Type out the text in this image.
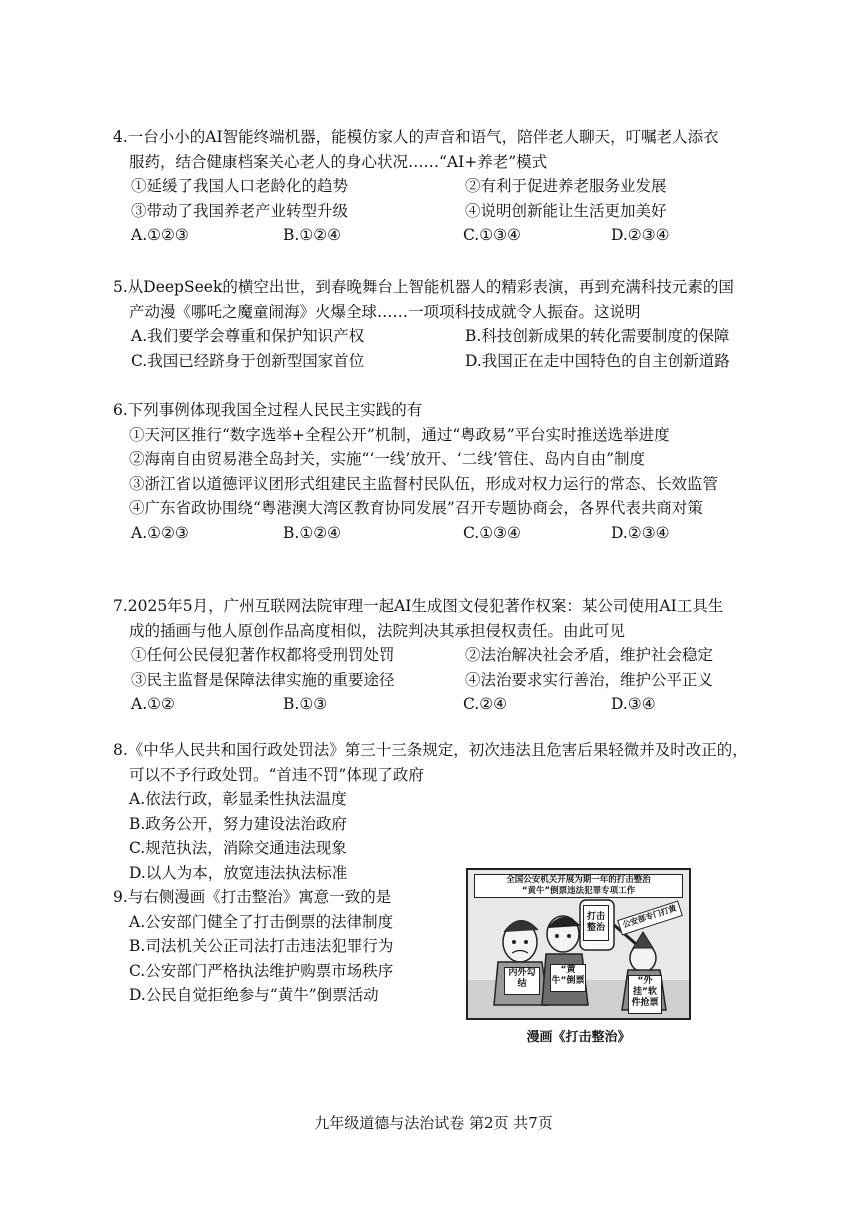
4.一台小小的AI智能终端机器，能模仿家人的声音和语气，陪伴老人聊天，叮嘱老人添衣
服药，结合健康档案关心老人的身心状况……“AI+养老”模式
①延缓了我国人口老龄化的趋势	②有利于促进养老服务业发展
③带动了我国养老产业转型升级	④说明创新能让生活更加美好
A.①②③	B.①②④	C.①③④	D.②③④
5.从DeepSeek的横空出世，到春晚舞台上智能机器人的精彩表演，再到充满科技元素的国
产动漫《哪吒之魔童闹海》火爆全球……一项项科技成就令人振奋。这说明
A.我们要学会尊重和保护知识产权	B.科技创新成果的转化需要制度的保障
C.我国已经跻身于创新型国家首位	D.我国正在走中国特色的自主创新道路
6.下列事例体现我国全过程人民民主实践的有
①天河区推行“数字选举+全程公开”机制，通过“粤政易”平台实时推送选举进度
②海南自由贸易港全岛封关，实施“‘一线’放开、‘二线’管住、岛内自由”制度
③浙江省以道德评议团形式组建民主监督村民队伍，形成对权力运行的常态、长效监管
④广东省政协围绕“粤港澳大湾区教育协同发展”召开专题协商会，各界代表共商对策
A.①②③	B.①②④	C.①③④	D.②③④
7.2025年5月，广州互联网法院审理一起AI生成图文侵犯著作权案：某公司使用AI工具生
成的插画与他人原创作品高度相似，法院判决其承担侵权责任。由此可见
①任何公民侵犯著作权都将受刑罚处罚	②法治解决社会矛盾，维护社会稳定
③民主监督是保障法律实施的重要途径	④法治要求实行善治，维护公平正义
A.①②	B.①③	C.②④	D.③④
8.《中华人民共和国行政处罚法》第三十三条规定，初次违法且危害后果轻微并及时改正的，
可以不予行政处罚。“首违不罚”体现了政府
A.依法行政，彰显柔性执法温度
B.政务公开，努力建设法治政府
C.规范执法，消除交通违法现象
D.以人为本，放宽违法执法标准
9.与右侧漫画《打击整治》寓意一致的是
A.公安部门健全了打击倒票的法律制度
B.司法机关公正司法打击违法犯罪行为
C.公安部门严格执法维护购票市场秩序
D.公民自觉拒绝参与“黄牛”倒票活动
全国公安机关开展为期一年的打击整治
“黄牛”倒票违法犯罪专项工作
打击整治	公安部专门打黄
内外勾结
“黄牛”倒票	“外挂”软件抢票
漫画《打击整治》
九年级道德与法治试卷 第2页 共7页
